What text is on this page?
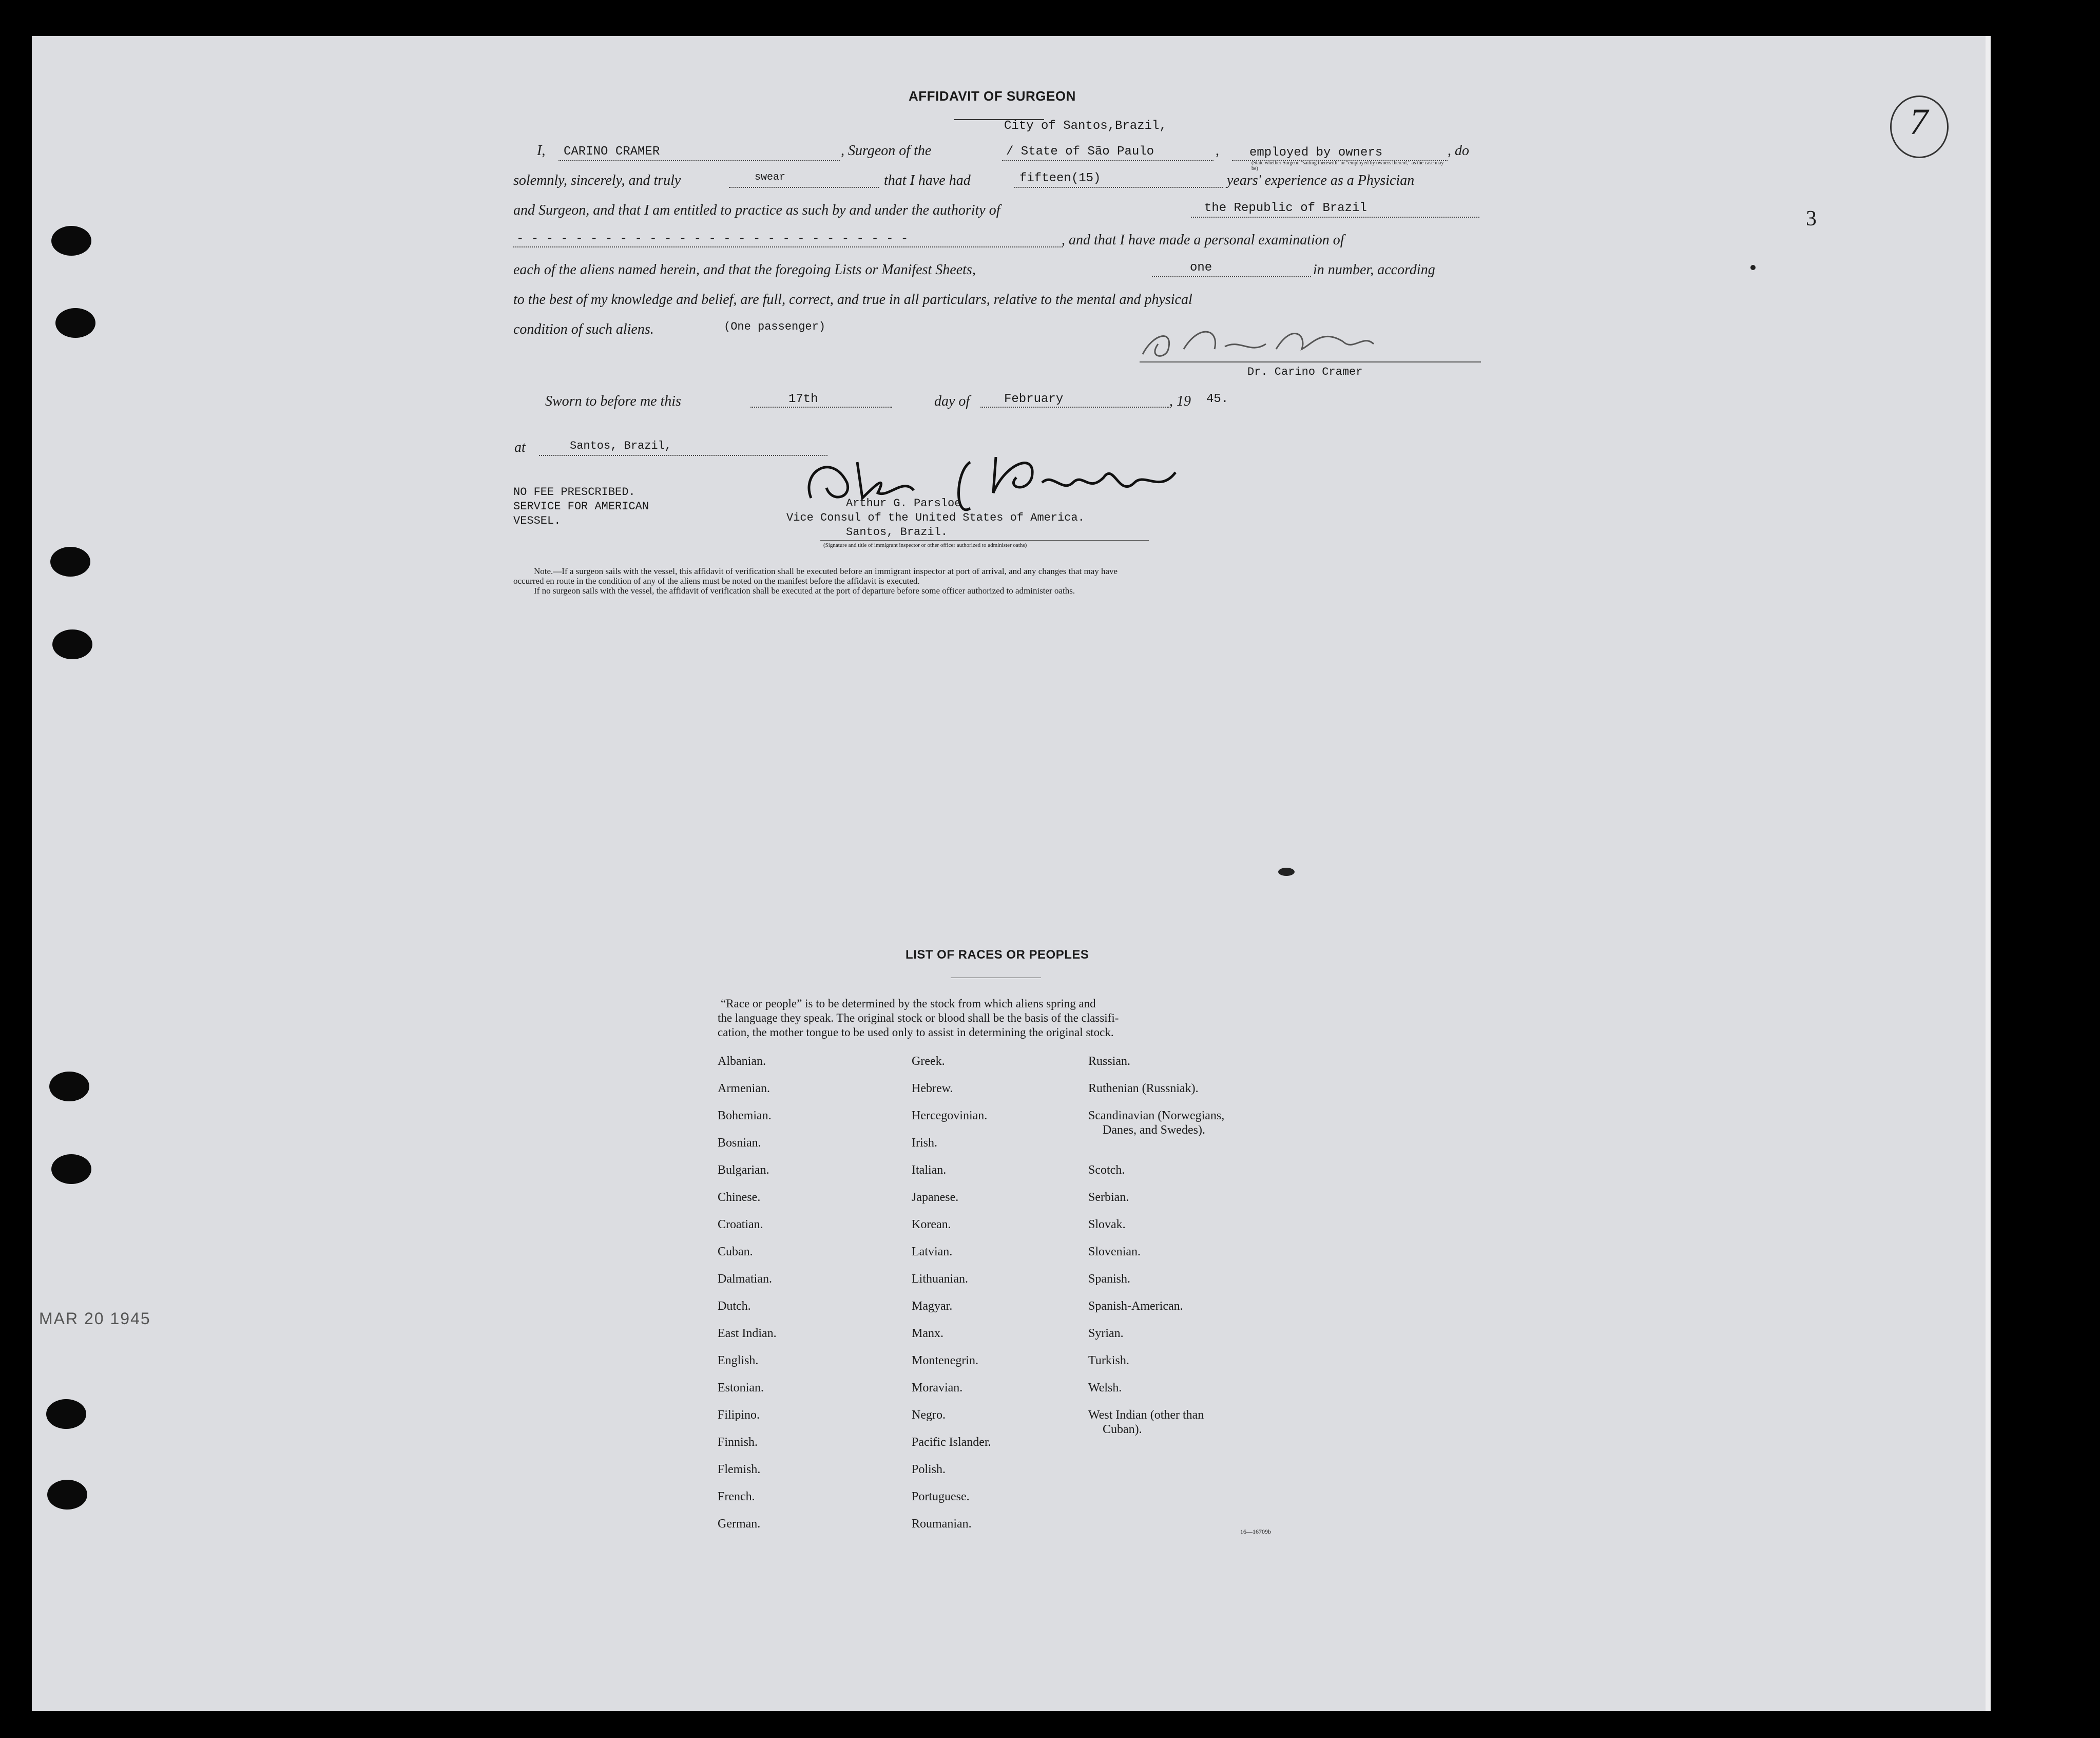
7
3
AFFIDAVIT OF SURGEON
I, CARINO CRAMER	, Surgeon of the
City of Santos,Brazil,
/ State of São Paulo	, employed by owners	, do
(State whether Surgeon "sailing therewith" or "employed by owners thereof," as the case may be)
solemnly, sincerely, and truly	swear	that I have had	fifteen(15)	years' experience as a Physician
and Surgeon, and that I am entitled to practice as such by and under the authority of	the Republic of Brazil
- - - - - - - - - - - - - - - - - - - - - - - - - - -	, and that I have made a personal examination of
each of the aliens named herein, and that the foregoing Lists or Manifest Sheets,	one	in number, according
to the best of my knowledge and belief, are full, correct, and true in all particulars, relative to the mental and physical
condition of such aliens.	(One passenger)
Dr. Carino Cramer
Sworn to before me this	17th	day of	February	, 19 45.
at	Santos, Brazil,
NO FEE PRESCRIBED.
SERVICE FOR AMERICAN
VESSEL.
Arthur G. Parsloe
Vice Consul of the United States of America.
Santos, Brazil.
(Signature and title of immigrant inspector or other officer authorized to administer oaths)
Note.—If a surgeon sails with the vessel, this affidavit of verification shall be executed before an immigrant inspector at port of arrival, and any changes that may have
occurred en route in the condition of any of the aliens must be noted on the manifest before the affidavit is executed.
If no surgeon sails with the vessel, the affidavit of verification shall be executed at the port of departure before some officer authorized to administer oaths.
LIST OF RACES OR PEOPLES
“Race or people” is to be determined by the stock from which aliens spring and
the language they speak. The original stock or blood shall be the basis of the classifi-
cation, the mother tongue to be used only to assist in determining the original stock.
Albanian.
Armenian.
Bohemian.
Bosnian.
Bulgarian.
Chinese.
Croatian.
Cuban.
Dalmatian.
Dutch.
East Indian.
English.
Estonian.
Filipino.
Finnish.
Flemish.
French.
German.
Greek.
Hebrew.
Hercegovinian.
Irish.
Italian.
Japanese.
Korean.
Latvian.
Lithuanian.
Magyar.
Manx.
Montenegrin.
Moravian.
Negro.
Pacific Islander.
Polish.
Portuguese.
Roumanian.
Russian.
Ruthenian (Russniak).
Scandinavian (Norwegians,
Danes, and Swedes).
Scotch.
Serbian.
Slovak.
Slovenian.
Spanish.
Spanish-American.
Syrian.
Turkish.
Welsh.
West Indian (other than
Cuban).
16—16709b
MAR 20 1945
